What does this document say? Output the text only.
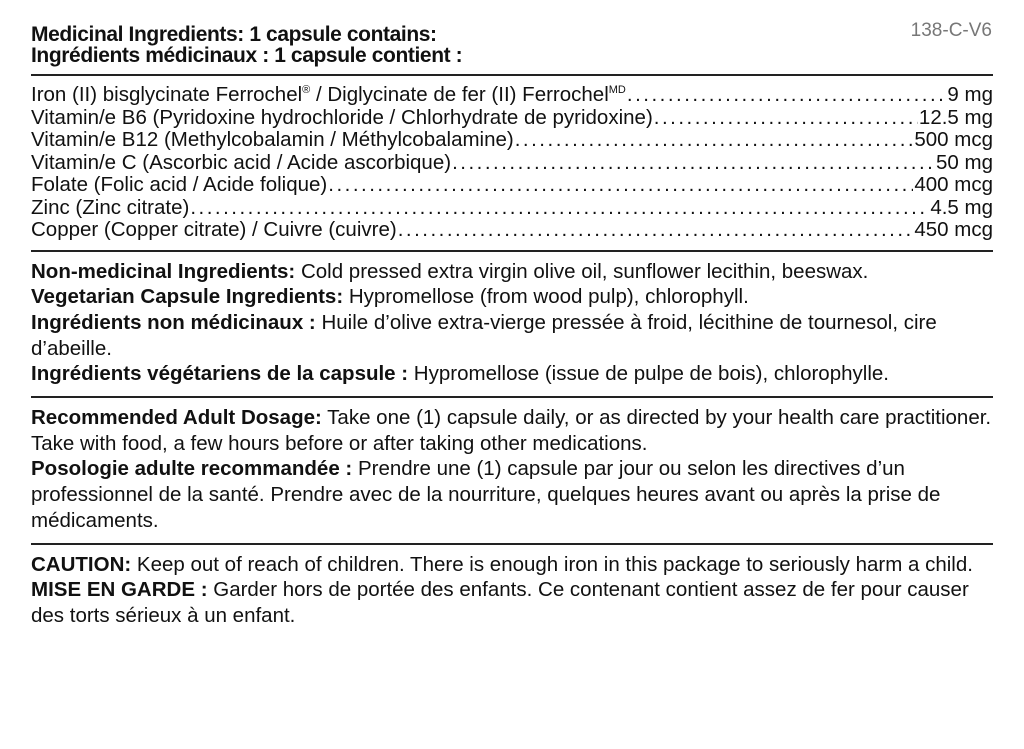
138-C-V6
Medicinal Ingredients: 1 capsule contains:
Ingrédients médicinaux : 1 capsule contient :
Iron (II) bisglycinate Ferrochel® / Diglycinate de fer (II) Ferrochel$^{MD}$ . . .	9 mg
Vitamin/e B6 (Pyridoxine hydrochloride / Chlorhydrate de pyridoxine) . . .	12.5 mg
Vitamin/e B12 (Methylcobalamin / Méthylcobalamine) . . .	500 mcg
Vitamin/e C (Ascorbic acid / Acide ascorbique) . . .	50 mg
Folate (Folic acid / Acide folique) . . .	400 mcg
Zinc (Zinc citrate) . . .	4.5 mg
Copper (Copper citrate) / Cuivre (cuivre) . . .	450 mcg

Non-medicinal Ingredients: Cold pressed extra virgin olive oil, sunflower lecithin, beeswax.

Vegetarian Capsule Ingredients: Hypromellose (from wood pulp), chlorophyll.

Ingrédients non médicinaux : Huile d’olive extra-vierge pressée à froid, lécithine de tournesol, cire d’abeille.

Ingrédients végétariens de la capsule : Hypromellose (issue de pulpe de bois), chlorophylle.

Recommended Adult Dosage: Take one (1) capsule daily, or as directed by your health care practitioner. Take with food, a few hours before or after taking other medications.

Posologie adulte recommandée : Prendre une (1) capsule par jour ou selon les directives d’un professionnel de la santé. Prendre avec de la nourriture, quelques heures avant ou après la prise de médicaments.

CAUTION: Keep out of reach of children. There is enough iron in this package to seriously harm a child.

MISE EN GARDE : Garder hors de portée des enfants. Ce contenant contient assez de fer pour causer des torts sérieux à un enfant.
